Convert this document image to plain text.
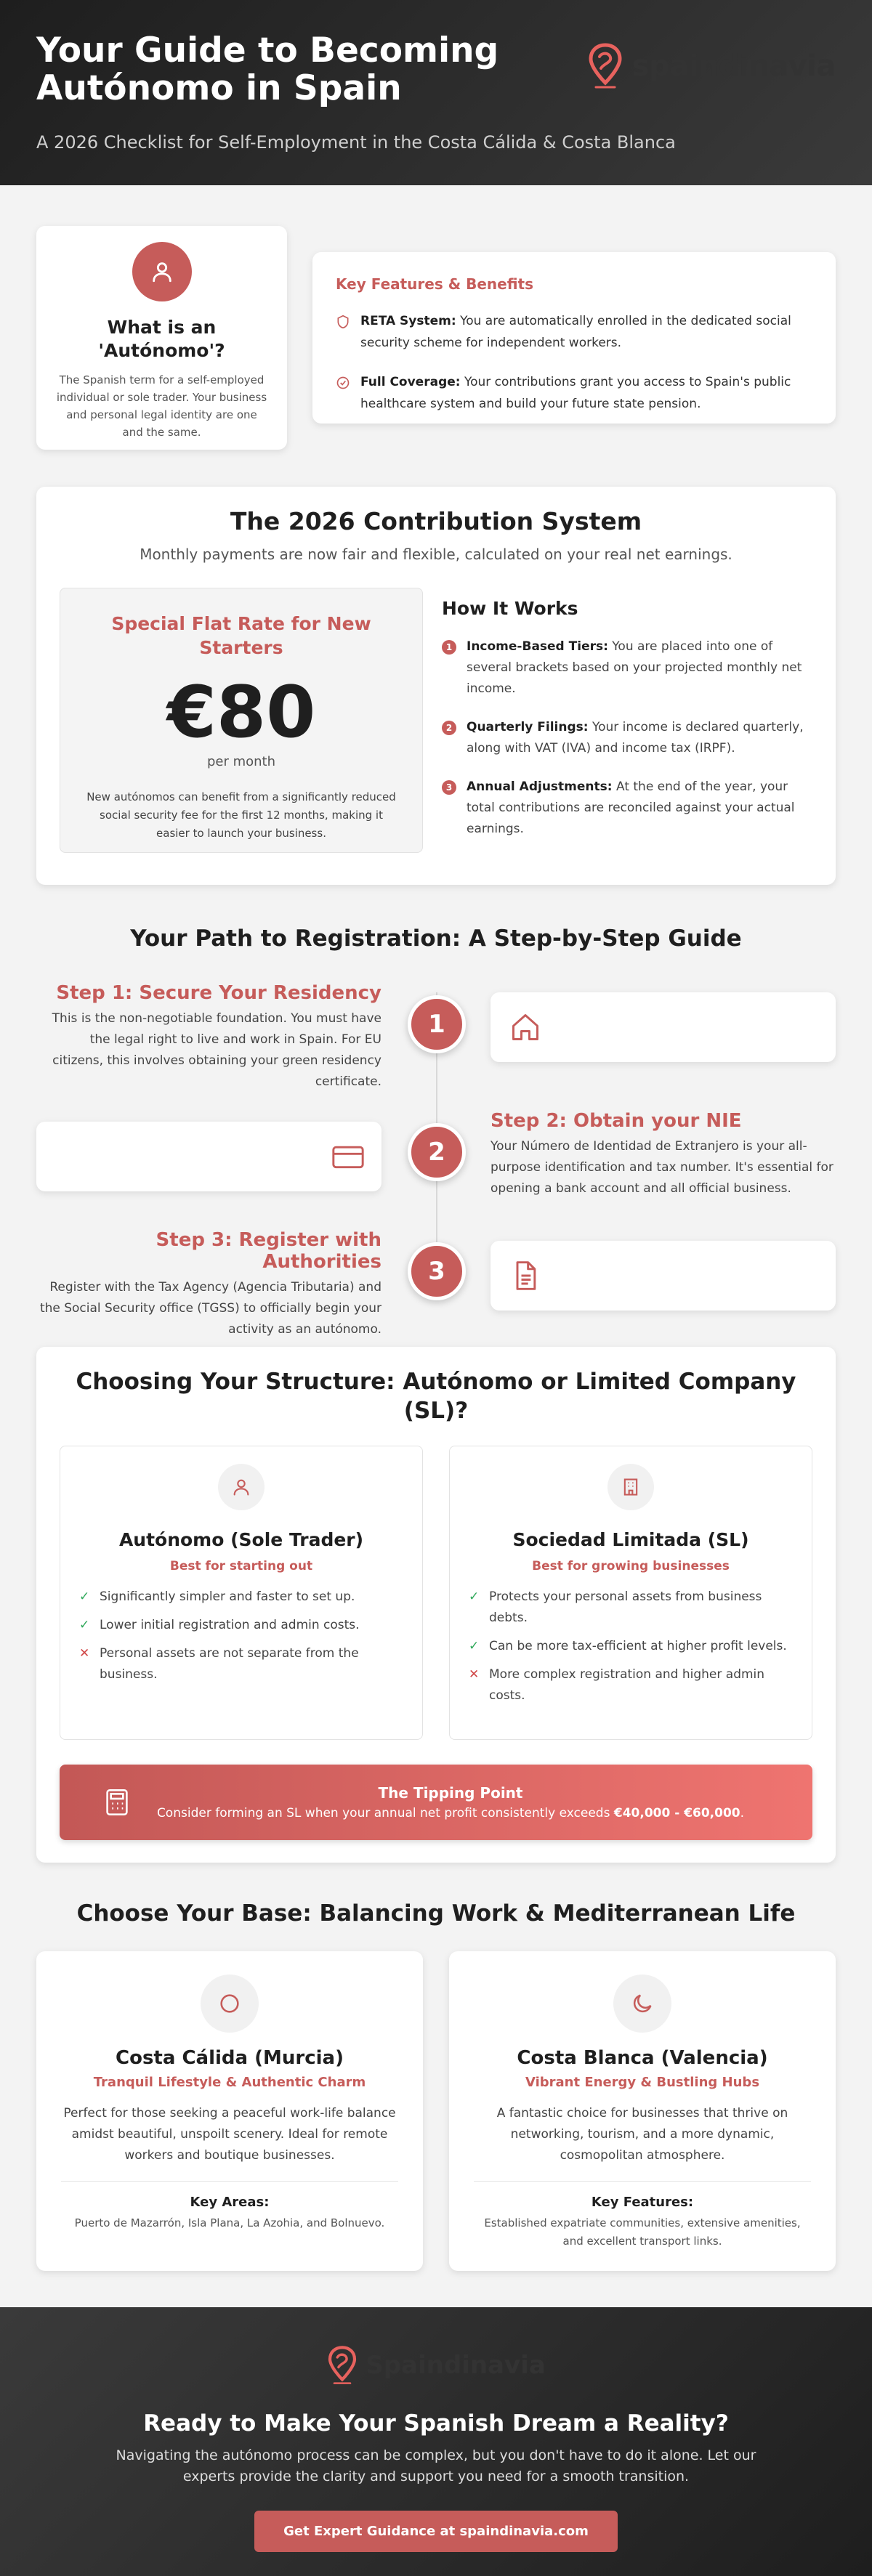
Your Guide to Becoming Autónomo in Spain
A 2026 Checklist for Self-Employment in the Costa Cálida & Costa Blanca
spaindinavia
What is an 'Autónomo'?

The Spanish term for a self-employed individual or sole trader. Your business and personal legal identity are one and the same.

Key Features & Benefits
RETA System: You are automatically enrolled in the dedicated social security scheme for independent workers.
Full Coverage: Your contributions grant you access to Spain's public healthcare system and build your future state pension.
The 2026 Contribution System
Monthly payments are now fair and flexible, calculated on your real net earnings.
Special Flat Rate for New Starters
€80
per month

New autónomos can benefit from a significantly reduced social security fee for the first 12 months, making it easier to launch your business.

How It Works
1	Income-Based Tiers: You are placed into one of several brackets based on your projected monthly net income.
2	Quarterly Filings: Your income is declared quarterly, along with VAT (IVA) and income tax (IRPF).
3	Annual Adjustments: At the end of the year, your total contributions are reconciled against your actual earnings.
Your Path to Registration: A Step-by-Step Guide
Step 1: Secure Your Residency

This is the non-negotiable foundation. You must have the legal right to live and work in Spain. For EU citizens, this involves obtaining your green residency certificate.

1
2
Step 2: Obtain your NIE

Your Número de Identidad de Extranjero is your all-purpose identification and tax number. It's essential for opening a bank account and all official business.

Step 3: Register with Authorities

Register with the Tax Agency (Agencia Tributaria) and the Social Security office (TGSS) to officially begin your activity as an autónomo.

3
Choosing Your Structure: Autónomo or Limited Company (SL)?
Autónomo (Sole Trader)
Best for starting out
✓ Significantly simpler and faster to set up.
✓ Lower initial registration and admin costs.
✕ Personal assets are not separate from the business.
Sociedad Limitada (SL)
Best for growing businesses
✓ Protects your personal assets from business debts.
✓ Can be more tax-efficient at higher profit levels.
✕ More complex registration and higher admin costs.
The Tipping Point

Consider forming an SL when your annual net profit consistently exceeds €40,000 - €60,000.

Choose Your Base: Balancing Work & Mediterranean Life
Costa Cálida (Murcia)
Tranquil Lifestyle & Authentic Charm

Perfect for those seeking a peaceful work-life balance amidst beautiful, unspoilt scenery. Ideal for remote workers and boutique businesses.

Key Areas:

Puerto de Mazarrón, Isla Plana, La Azohia, and Bolnuevo.

Costa Blanca (Valencia)
Vibrant Energy & Bustling Hubs

A fantastic choice for businesses that thrive on networking, tourism, and a more dynamic, cosmopolitan atmosphere.

Key Features:

Established expatriate communities, extensive amenities, and excellent transport links.

Spaindinavia
Ready to Make Your Spanish Dream a Reality?

Navigating the autónomo process can be complex, but you don't have to do it alone. Let our experts provide the clarity and support you need for a smooth transition.

Get Expert Guidance at spaindinavia.com
